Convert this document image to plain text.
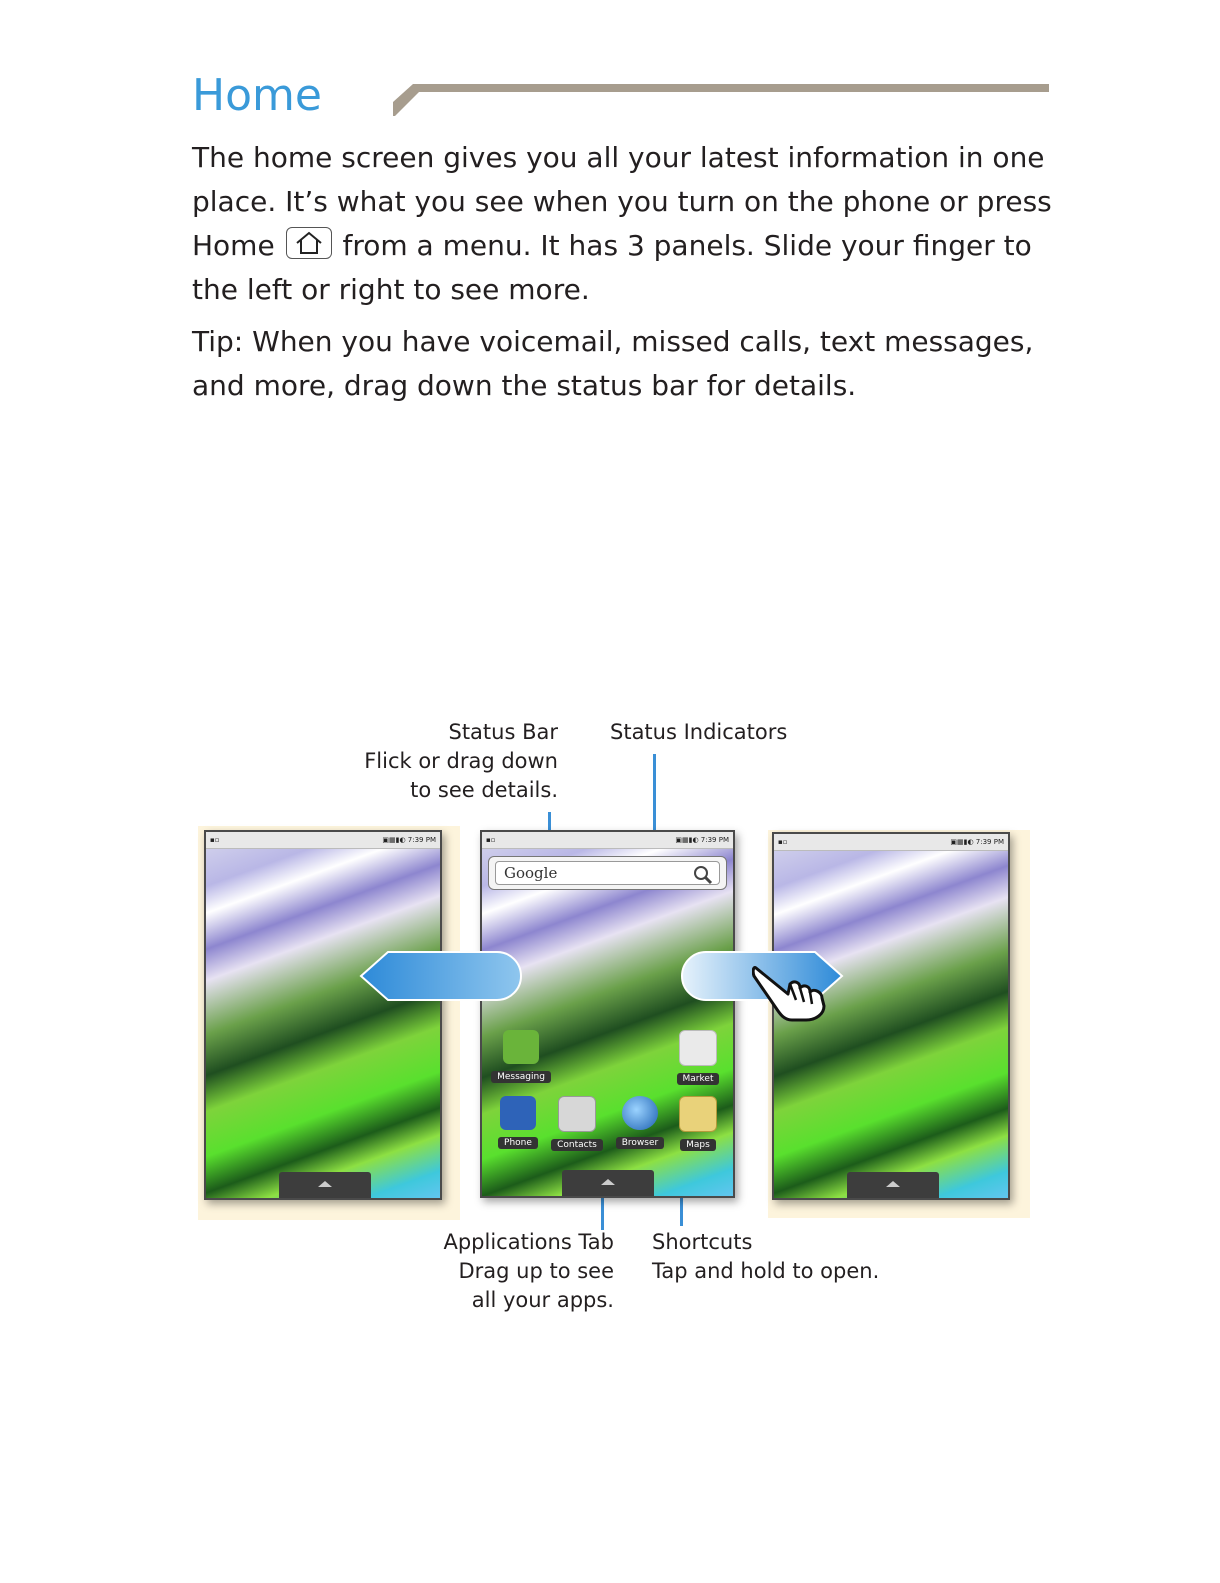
Home

The home screen gives you all your latest information in one place. It’s what you see when you turn on the phone or press Home from a menu. It has 3 panels. Slide your finger to the left or right to see more.

Tip: When you have voicemail, missed calls, text messages, and more, drag down the status bar for details.
Status Bar
Flick or drag down to see details.
Status Indicators
Applications Tab
Drag up to see all your apps.
Shortcuts
Tap and hold to open.
▪▫	▣▦▮◐ 7:39 PM	▪▫	▣▦▮◐ 7:39 PM
▪▫	▣▦▮◐ 7:39 PM
Google
Messaging	Market
Phone	Contacts	Browser	Maps
